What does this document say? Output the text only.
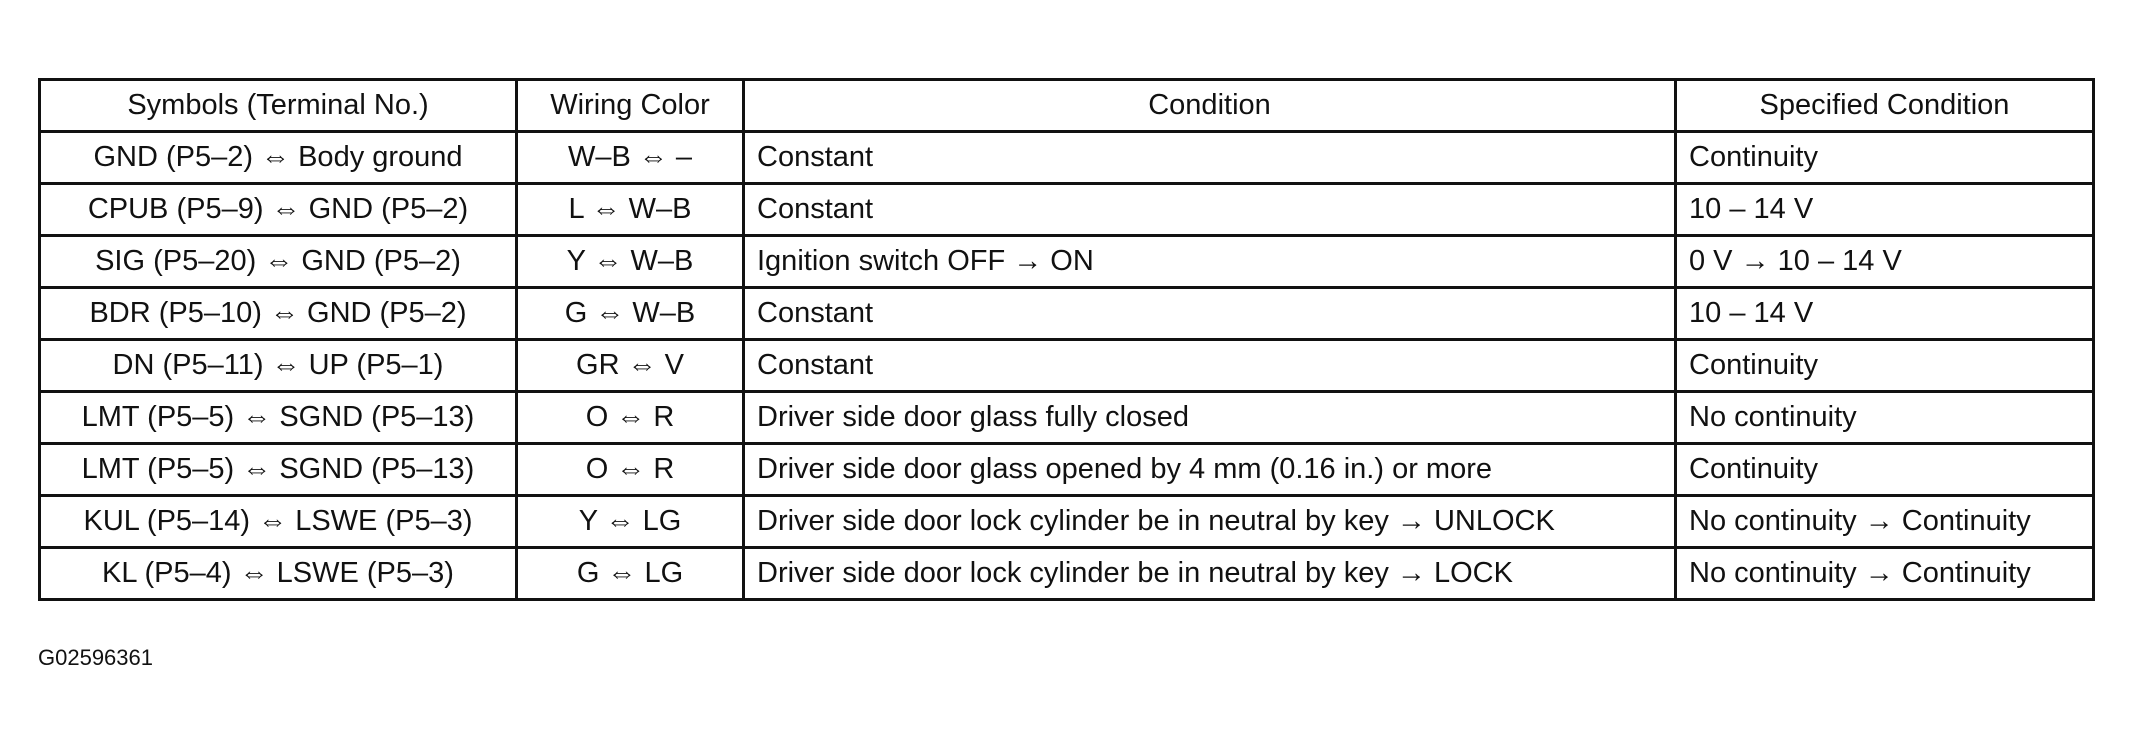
Symbols (Terminal No.)	Wiring Color	Condition	Specified Condition
GND (P5–2) ⇔ Body ground	W–B ⇔ –	Constant	Continuity
CPUB (P5–9) ⇔ GND (P5–2)	L ⇔ W–B	Constant	10 – 14 V
SIG (P5–20) ⇔ GND (P5–2)	Y ⇔ W–B	Ignition switch OFF → ON	0 V → 10 – 14 V
BDR (P5–10) ⇔ GND (P5–2)	G ⇔ W–B	Constant	10 – 14 V
DN (P5–11) ⇔ UP (P5–1)	GR ⇔ V	Constant	Continuity
LMT (P5–5) ⇔ SGND (P5–13)	O ⇔ R	Driver side door glass fully closed	No continuity
LMT (P5–5) ⇔ SGND (P5–13)	O ⇔ R	Driver side door glass opened by 4 mm (0.16 in.) or more	Continuity
KUL (P5–14) ⇔ LSWE (P5–3)	Y ⇔ LG	Driver side door lock cylinder be in neutral by key → UNLOCK	No continuity → Continuity
KL (P5–4) ⇔ LSWE (P5–3)	G ⇔ LG	Driver side door lock cylinder be in neutral by key → LOCK	No continuity → Continuity
G02596361
